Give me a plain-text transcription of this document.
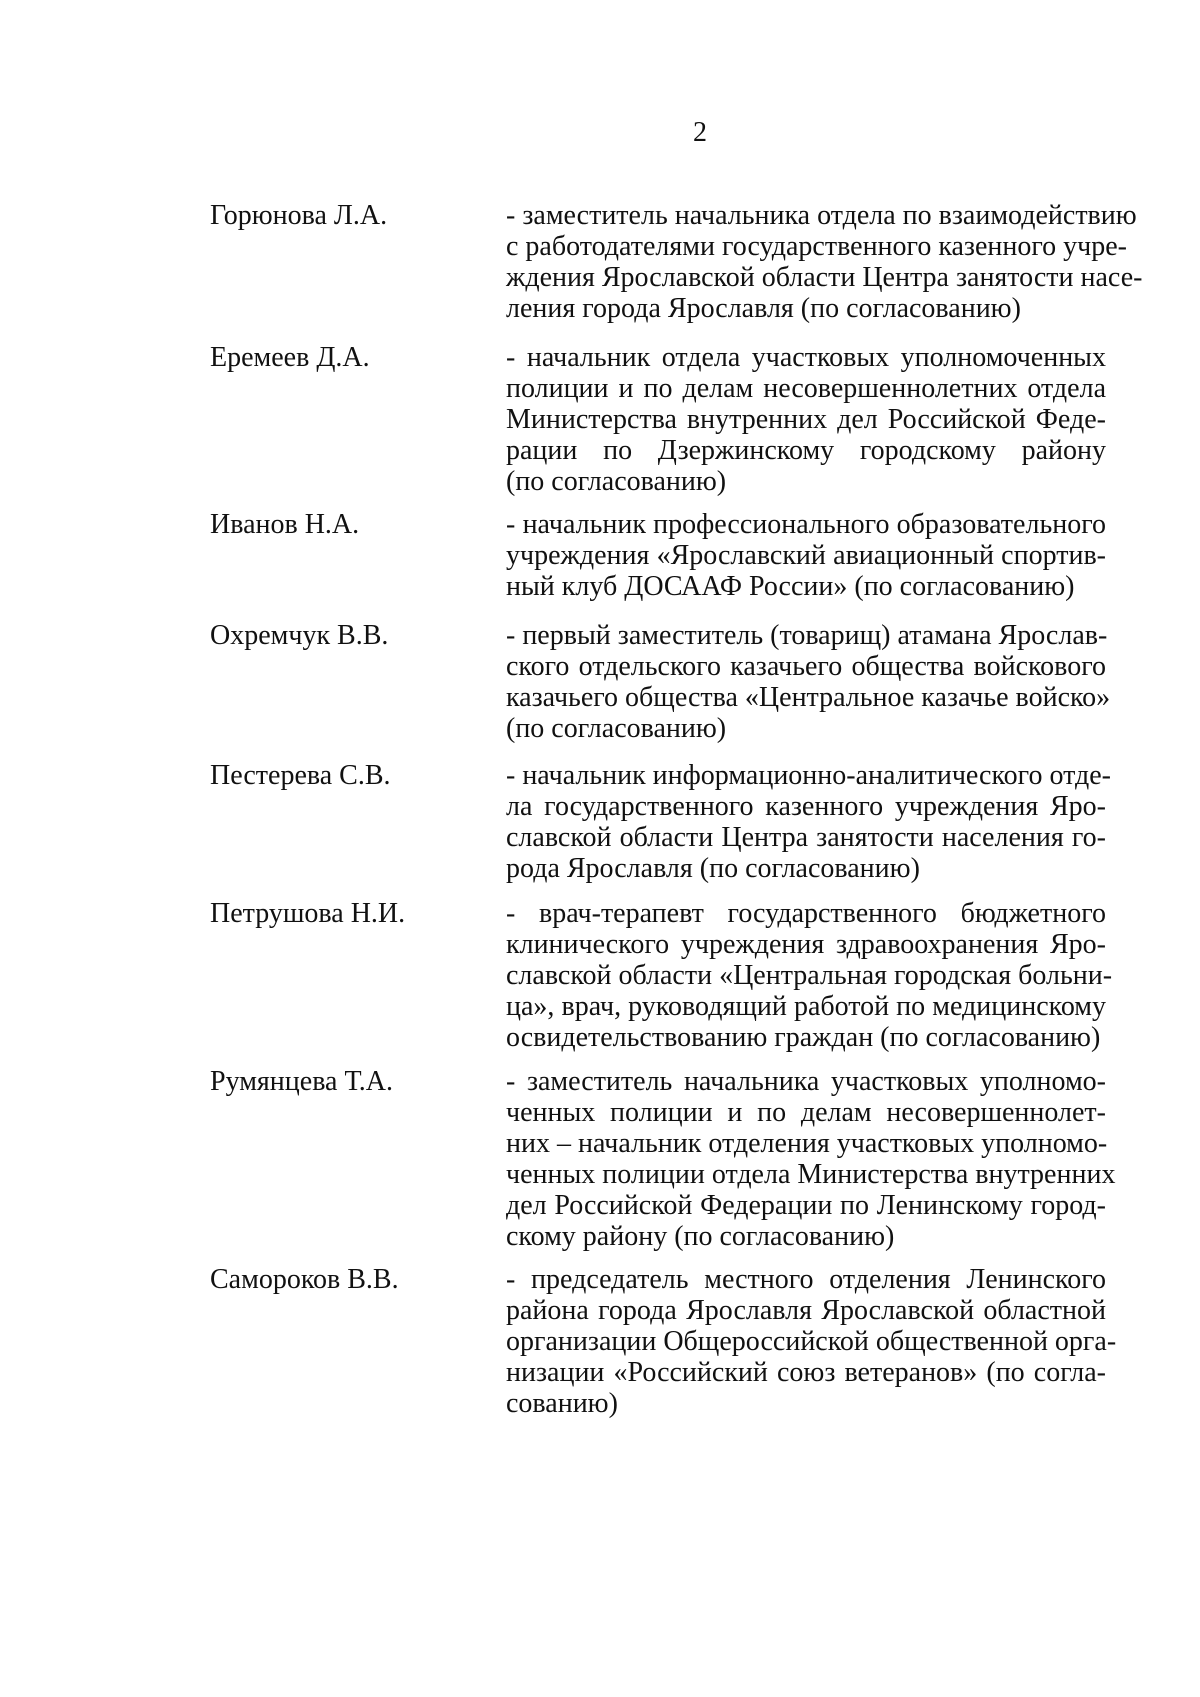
2
Горюнова Л.А.	- заместитель начальника отдела по взаимодействию
с работодателями государственного казенного учре-
ждения Ярославской области Центра занятости насе-
ления города Ярославля (по согласованию)
Еремеев Д.А.	- начальник отдела участковых уполномоченных
полиции и по делам несовершеннолетних отдела
Министерства внутренних дел Российской Феде-
рации по Дзержинскому городскому району
(по согласованию)
Иванов Н.А.	- начальник профессионального образовательного
учреждения «Ярославский авиационный спортив-
ный клуб ДОСААФ России» (по согласованию)
Охремчук В.В.	- первый заместитель (товарищ) атамана Ярослав-
ского отдельского казачьего общества войскового
казачьего общества «Центральное казачье войско»
(по согласованию)
Пестерева С.В.	- начальник информационно-аналитического отде-
ла государственного казенного учреждения Яро-
славской области Центра занятости населения го-
рода Ярославля (по согласованию)
Петрушова Н.И.	- врач-терапевт государственного бюджетного
клинического учреждения здравоохранения Яро-
славской области «Центральная городская больни-
ца», врач, руководящий работой по медицинскому
освидетельствованию граждан (по согласованию)
Румянцева Т.А.	- заместитель начальника участковых уполномо-
ченных полиции и по делам несовершеннолет-
них – начальник отделения участковых уполномо-
ченных полиции отдела Министерства внутренних
дел Российской Федерации по Ленинскому город-
скому району (по согласованию)
Самороков В.В.	- председатель местного отделения Ленинского
района города Ярославля Ярославской областной
организации Общероссийской общественной орга-
низации «Российский союз ветеранов» (по согла-
сованию)
